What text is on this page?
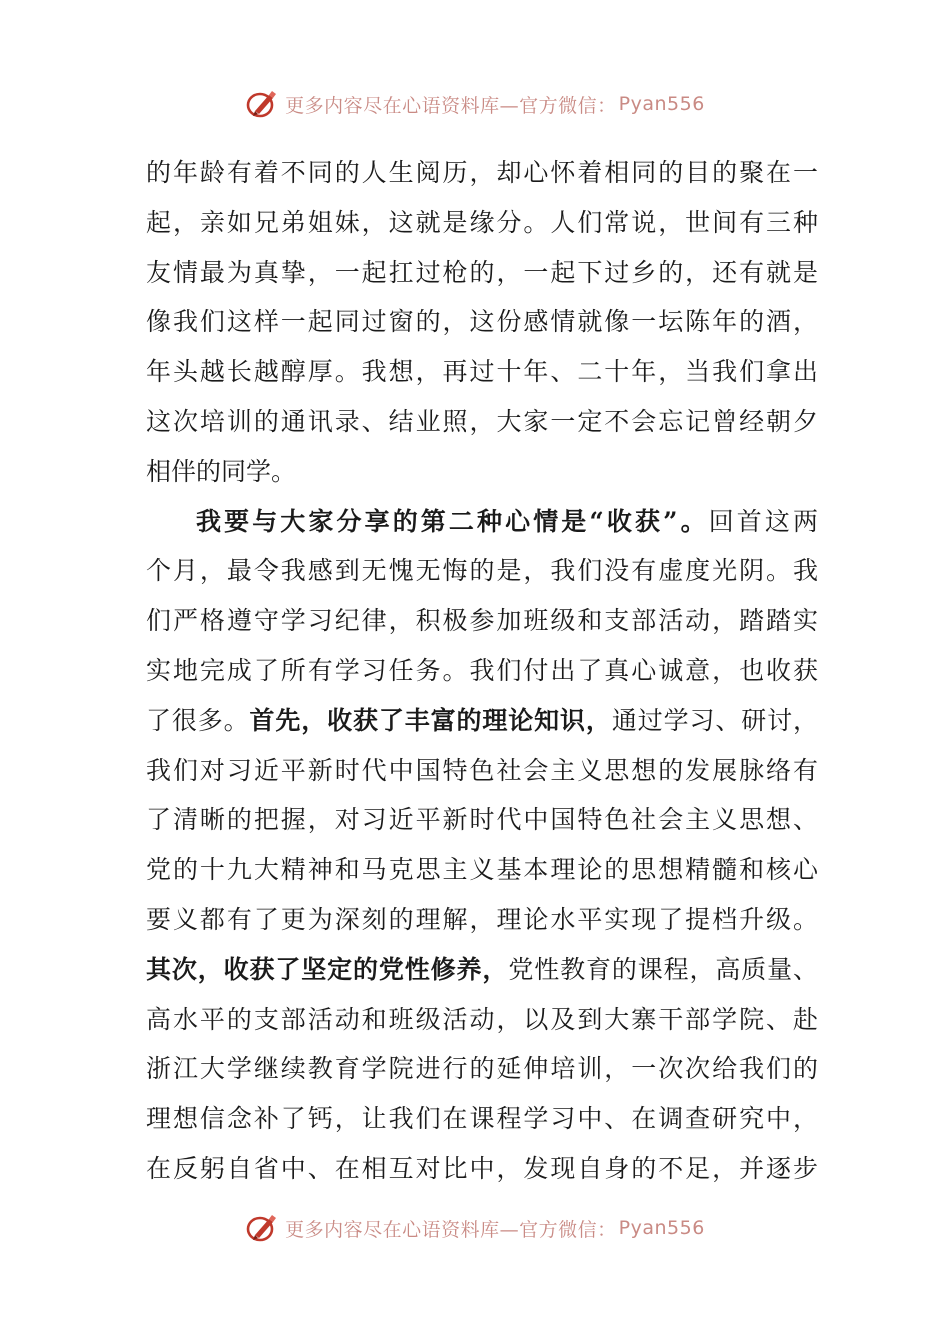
更多内容尽在心语资料库—官方微信： Pyan556
的年龄有着不同的人生阅历，却心怀着相同的目的聚在一
起，亲如兄弟姐妹，这就是缘分。人们常说，世间有三种
友情最为真挚，一起扛过枪的，一起下过乡的，还有就是
像我们这样一起同过窗的，这份感情就像一坛陈年的酒，
年头越长越醇厚。我想，再过十年、二十年，当我们拿出
这次培训的通讯录、结业照，大家一定不会忘记曾经朝夕
相伴的同学。
我要与大家分享的第二种心情是“收获”。回首这两
个月，最令我感到无愧无悔的是，我们没有虚度光阴。我
们严格遵守学习纪律，积极参加班级和支部活动，踏踏实
实地完成了所有学习任务。我们付出了真心诚意，也收获
了很多。首先，收获了丰富的理论知识，通过学习、研讨，
我们对习近平新时代中国特色社会主义思想的发展脉络有
了清晰的把握，对习近平新时代中国特色社会主义思想、
党的十九大精神和马克思主义基本理论的思想精髓和核心
要义都有了更为深刻的理解，理论水平实现了提档升级。
其次，收获了坚定的党性修养，党性教育的课程，高质量、
高水平的支部活动和班级活动，以及到大寨干部学院、赴
浙江大学继续教育学院进行的延伸培训，一次次给我们的
理想信念补了钙，让我们在课程学习中、在调查研究中，
在反躬自省中、在相互对比中，发现自身的不足，并逐步
更多内容尽在心语资料库—官方微信： Pyan556
